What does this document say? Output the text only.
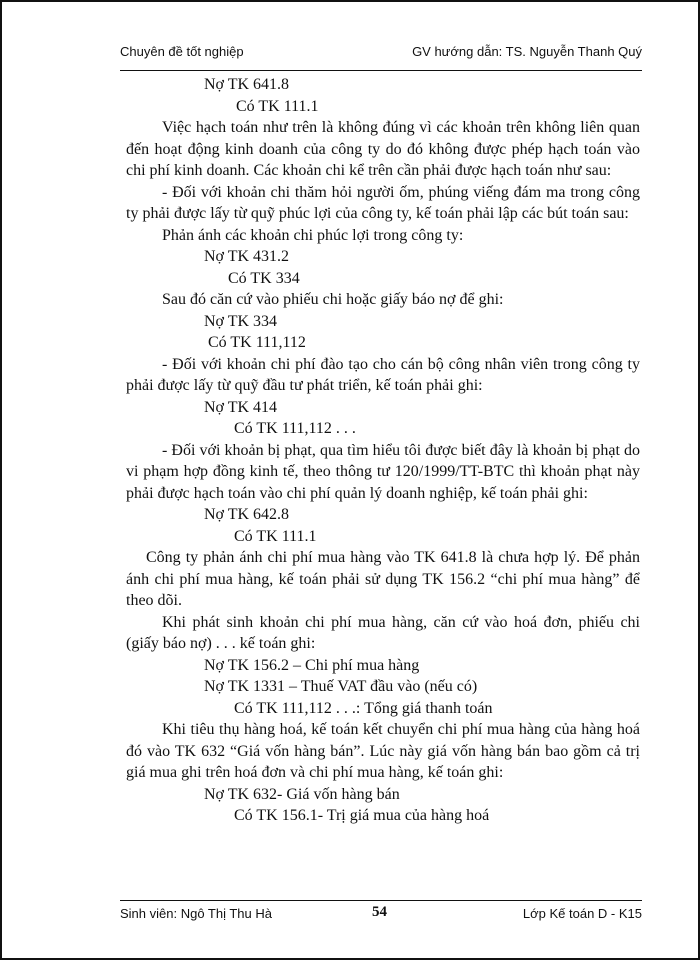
Chuyên đề tốt nghiệp	GV hướng dẫn: TS. Nguyễn Thanh Quý

Nợ TK 641.8

Có TK 111.1

Việc hạch toán như trên là không đúng vì các khoản trên không liên quan đến hoạt động kinh doanh của công ty do đó không được phép hạch toán vào chi phí kinh doanh. Các khoản chi kể trên cần phải được hạch toán như sau:

- Đối với khoản chi thăm hỏi người ốm, phúng viếng đám ma trong công ty phải được lấy từ quỹ phúc lợi của công ty, kế toán phải lập các bút toán sau:

Phản ánh các khoản chi phúc lợi trong công ty:

Nợ TK 431.2

Có TK 334

Sau đó căn cứ vào phiếu chi hoặc giấy báo nợ để ghi:

Nợ TK 334

Có TK 111,112

- Đối với khoản chi phí đào tạo cho cán bộ công nhân viên trong công ty phải được lấy từ quỹ đầu tư phát triển, kế toán phải ghi:

Nợ TK 414

Có TK 111,112 . . .

- Đối với khoản bị phạt, qua tìm hiểu tôi được biết đây là khoản bị phạt do vi phạm hợp đồng kinh tế, theo thông tư 120/1999/TT-BTC thì khoản phạt này phải được hạch toán vào chi phí quản lý doanh nghiệp, kế toán phải ghi:

Nợ TK 642.8

Có TK 111.1

Công ty phản ánh chi phí mua hàng vào TK 641.8 là chưa hợp lý. Để phản ánh chi phí mua hàng, kế toán phải sử dụng TK 156.2 “chi phí mua hàng” để theo dõi.

Khi phát sinh khoản chi phí mua hàng, căn cứ vào hoá đơn, phiếu chi (giấy báo nợ) . . . kế toán ghi:

Nợ TK 156.2 – Chi phí mua hàng

Nợ TK 1331 – Thuế VAT đầu vào (nếu có)

Có TK 111,112 . . .: Tổng giá thanh toán

Khi tiêu thụ hàng hoá, kế toán kết chuyển chi phí mua hàng của hàng hoá đó vào TK 632 “Giá vốn hàng bán”. Lúc này giá vốn hàng bán bao gồm cả trị giá mua ghi trên hoá đơn và chi phí mua hàng, kế toán ghi:

Nợ TK 632- Giá vốn hàng bán

Có TK 156.1- Trị giá mua của hàng hoá

Sinh viên: Ngô Thị Thu Hà	54	Lớp Kế toán D - K15
